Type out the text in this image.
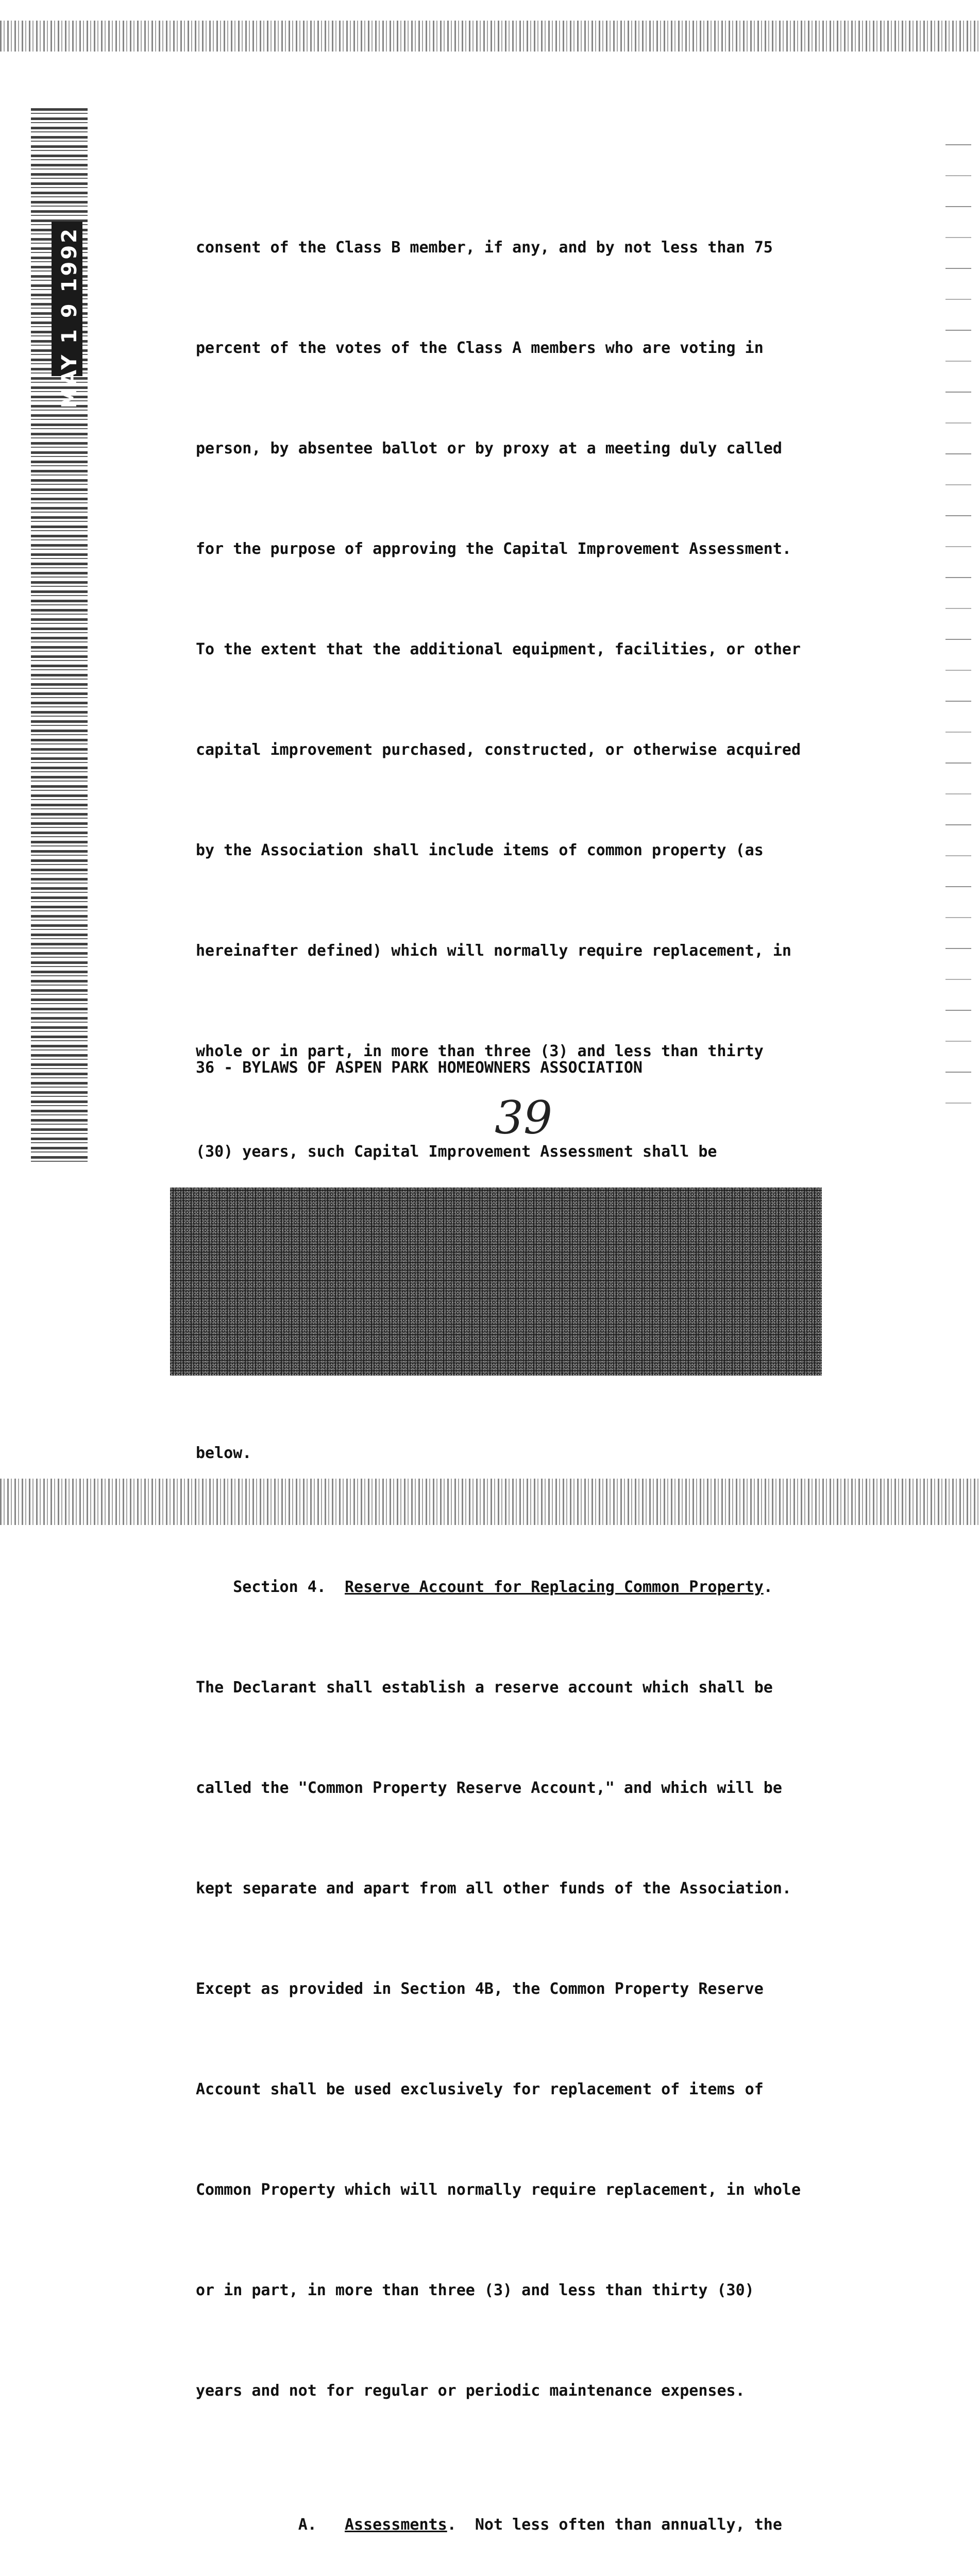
MAY 1 9 1992

	consent of the Class B member, if any, and by not less than 75

percent of the votes of the Class A members who are voting in

person, by absentee ballot or by proxy at a meeting duly called

for the purpose of approving the Capital Improvement Assessment.

To the extent that the additional equipment, facilities, or other

capital improvement purchased, constructed, or otherwise acquired

by the Association shall include items of common property (as

hereinafter defined) which will normally require replacement, in

whole or in part, in more than three (3) and less than thirty

(30) years, such Capital Improvement Assessment shall be

below.

Section 4. Reserve Account for Replacing Common Property.

The Declarant shall establish a reserve account which shall be

called the "Common Property Reserve Account," and which will be

kept separate and apart from all other funds of the Association.

Except as provided in Section 4B, the Common Property Reserve

Account shall be used exclusively for replacement of items of

Common Property which will normally require replacement, in whole

or in part, in more than three (3) and less than thirty (30)

years and not for regular or periodic maintenance expenses.

A. Assessments.  Not less often than annually, the

36 - BYLAWS OF ASPEN PARK HOMEOWNERS ASSOCIATION
39
